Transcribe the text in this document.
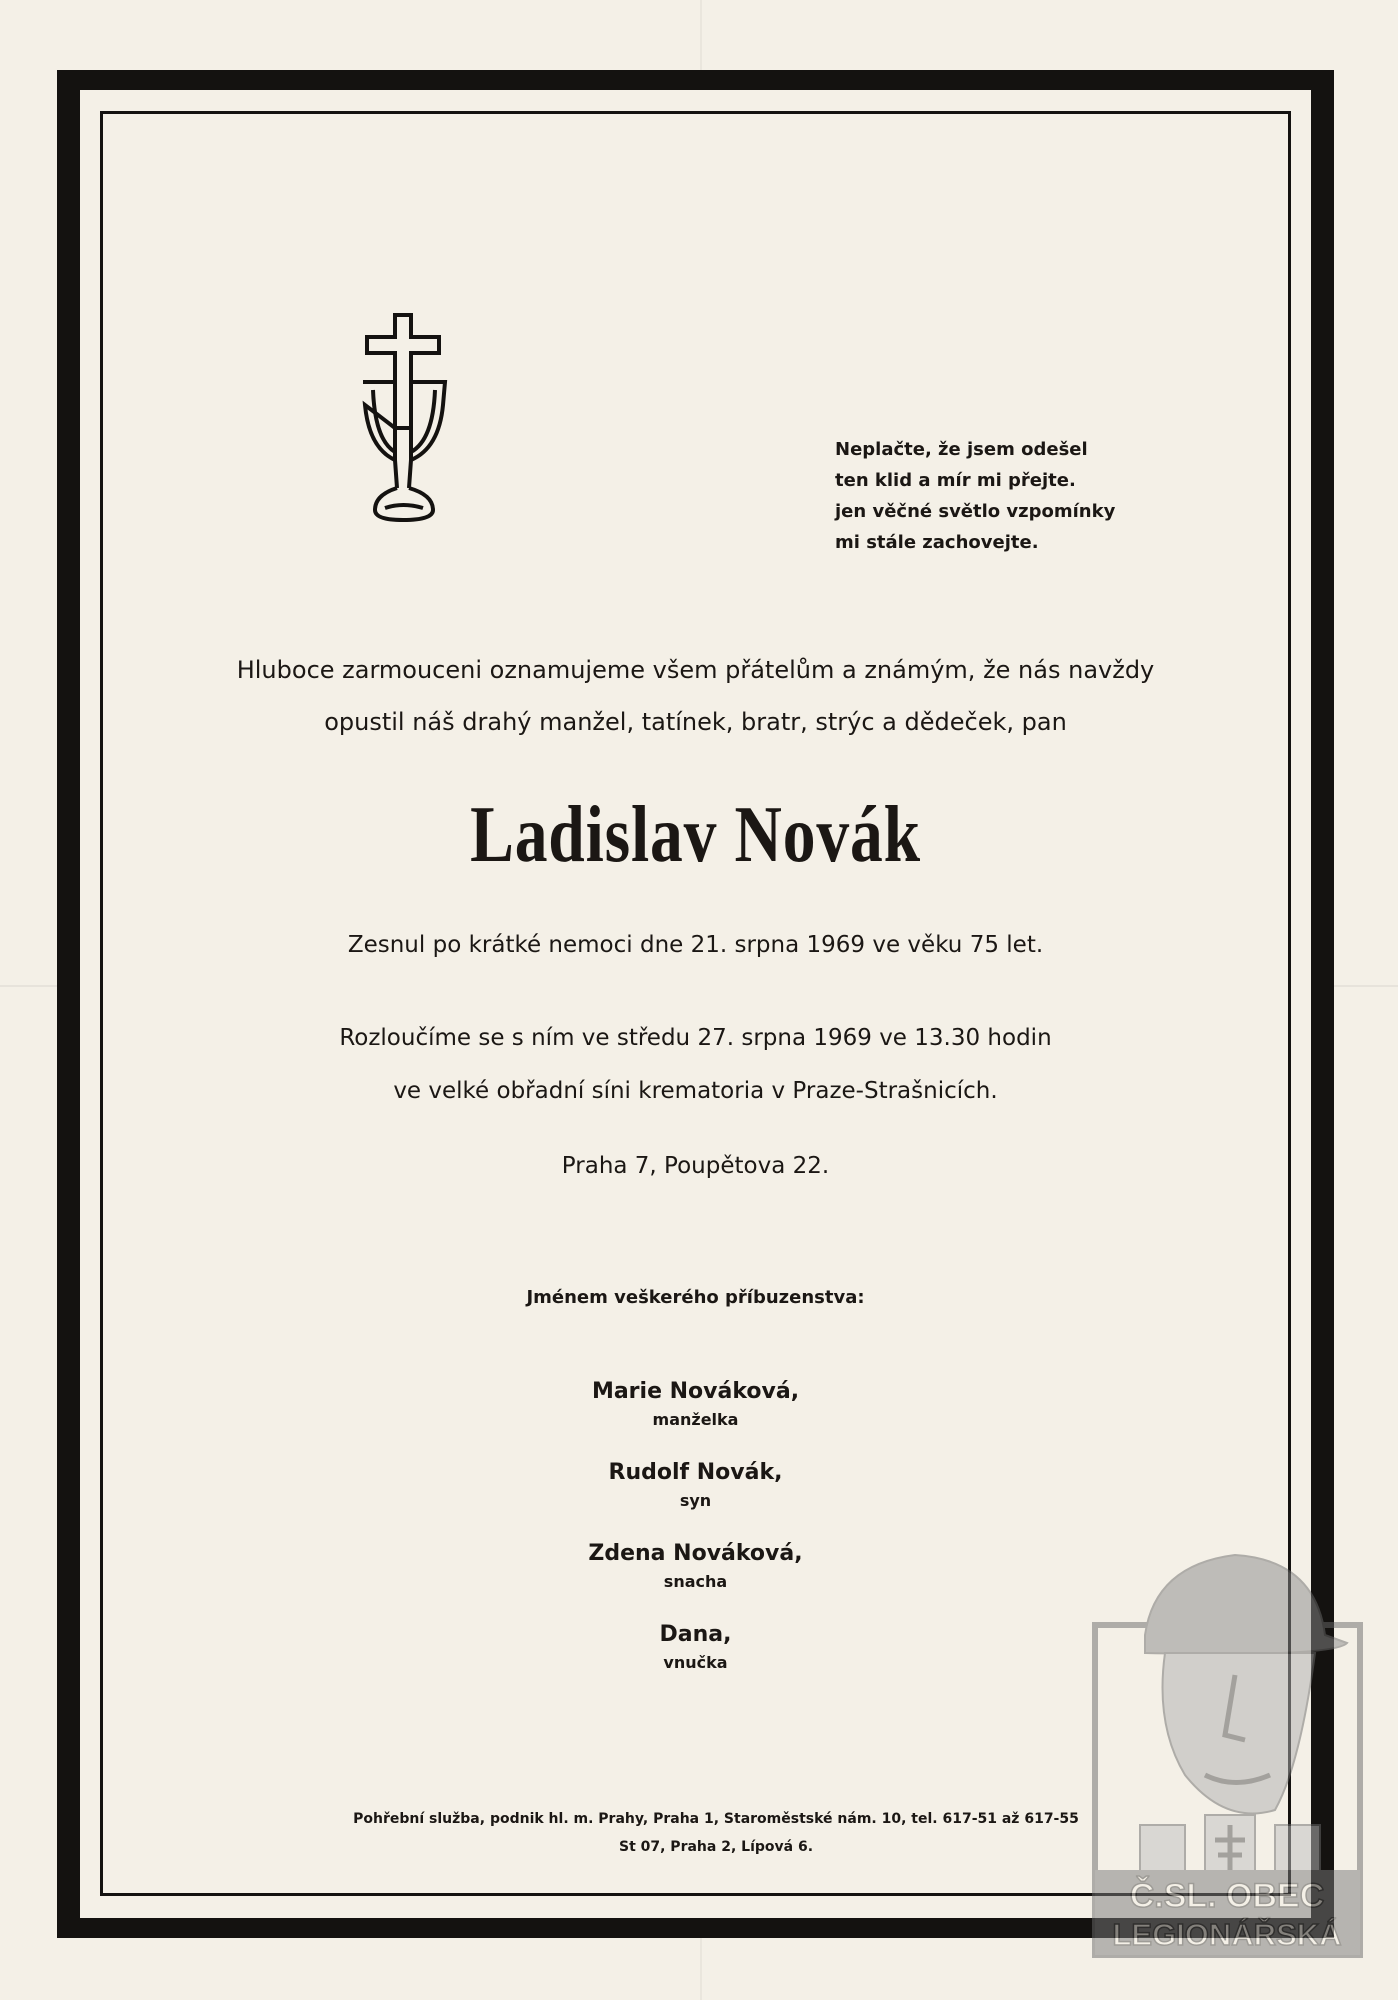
Neplačte, že jsem odešel
ten klid a mír mi přejte.
jen věčné světlo vzpomínky
mi stále zachovejte.
Hluboce zarmouceni oznamujeme všem přátelům a známým, že nás navždy
opustil náš drahý manžel, tatínek, bratr, strýc a dědeček, pan
Ladislav Novák
Zesnul po krátké nemoci dne 21. srpna 1969 ve věku 75 let.
Rozloučíme se s ním ve středu 27. srpna 1969 ve 13.30 hodin
ve velké obřadní síni krematoria v Praze-Strašnicích.
Praha 7, Poupětova 22.
Jménem veškerého příbuzenstva:
Marie Nováková,
manželka
Rudolf Novák,
syn
Zdena Nováková,
snacha
Dana,
vnučka
Pohřební služba, podnik hl. m. Prahy, Praha 1, Staroměstské nám. 10, tel. 617-51 až 617-55
St 07, Praha 2, Lípová 6.
Č.SL. OBEC
LEGIONÁŘSKÁ
